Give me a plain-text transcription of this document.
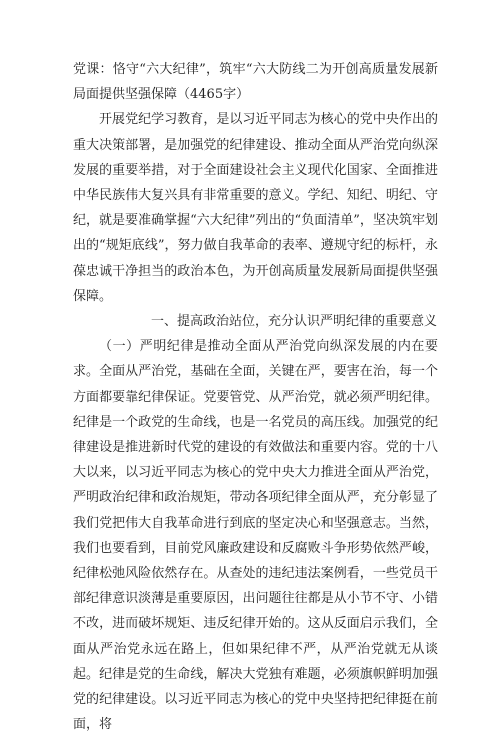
党课：恪守“六大纪律”，筑牢“六大防线二为开创高质量发展新局面提供坚强保障（4465字）

开展党纪学习教育，是以习近平同志为核心的党中央作出的重大决策部署，是加强党的纪律建设、推动全面从严治党向纵深发展的重要举措，对于全面建设社会主义现代化国家、全面推进中华民族伟大复兴具有非常重要的意义。学纪、知纪、明纪、守纪，就是要准确掌握“六大纪律”列出的“负面清单”，坚决筑牢划出的“规矩底线”，努力做自我革命的表率、遵规守纪的标杆，永葆忠诚干净担当的政治本色，为开创高质量发展新局面提供坚强保障。

一、提高政治站位，充分认识严明纪律的重要意义

（一）严明纪律是推动全面从严治党向纵深发展的内在要求。全面从严治党，基础在全面，关键在严，要害在治，每一个方面都要靠纪律保证。党要管党、从严治党，就必须严明纪律。纪律是一个政党的生命线，也是一名党员的高压线。加强党的纪律建设是推进新时代党的建设的有效做法和重要内容。党的十八大以来，以习近平同志为核心的党中央大力推进全面从严治党，严明政治纪律和政治规矩，带动各项纪律全面从严，充分彰显了我们党把伟大自我革命进行到底的坚定决心和坚强意志。当然，我们也要看到，目前党风廉政建设和反腐败斗争形势依然严峻，纪律松弛风险依然存在。从查处的违纪违法案例看，一些党员干部纪律意识淡薄是重要原因，出问题往往都是从小节不守、小错不改，进而破坏规矩、违反纪律开始的。这从反面启示我们，全面从严治党永远在路上，但如果纪律不严，从严治党就无从谈起。纪律是党的生命线，解决大党独有难题，必须旗帜鲜明加强党的纪律建设。以习近平同志为核心的党中央坚持把纪律挺在前面，将
